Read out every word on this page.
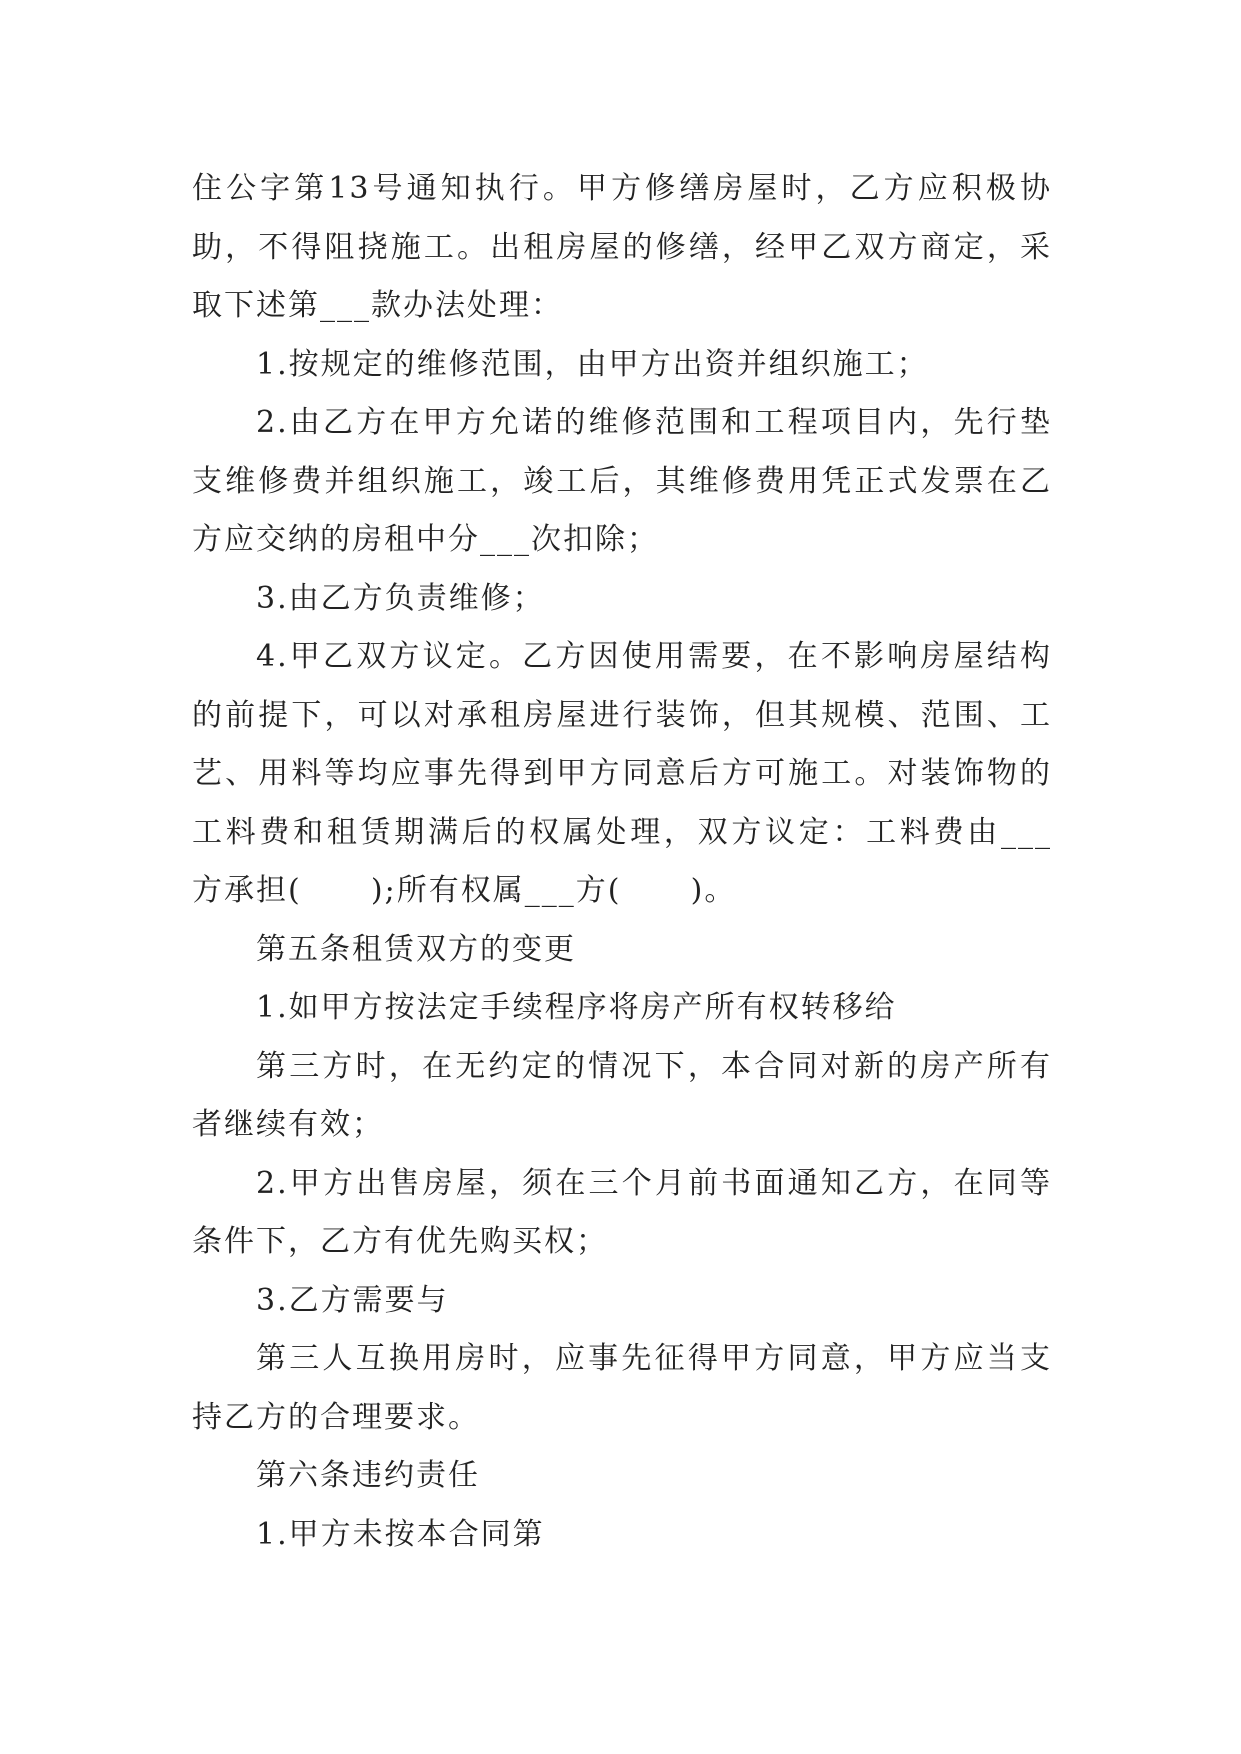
住公字第13号通知执行。甲方修缮房屋时，乙方应积极协
助，不得阻挠施工。出租房屋的修缮，经甲乙双方商定，采
取下述第___款办法处理：
1.按规定的维修范围，由甲方出资并组织施工；
2.由乙方在甲方允诺的维修范围和工程项目内，先行垫
支维修费并组织施工，竣工后，其维修费用凭正式发票在乙
方应交纳的房租中分___次扣除；
3.由乙方负责维修；
4.甲乙双方议定。乙方因使用需要，在不影响房屋结构
的前提下，可以对承租房屋进行装饰，但其规模、范围、工
艺、用料等均应事先得到甲方同意后方可施工。对装饰物的
工料费和租赁期满后的权属处理，双方议定：工料费由___
方承担(      );所有权属___方(      )。
第五条租赁双方的变更
1.如甲方按法定手续程序将房产所有权转移给
第三方时，在无约定的情况下，本合同对新的房产所有
者继续有效；
2.甲方出售房屋，须在三个月前书面通知乙方，在同等
条件下，乙方有优先购买权；
3.乙方需要与
第三人互换用房时，应事先征得甲方同意，甲方应当支
持乙方的合理要求。
第六条违约责任
1.甲方未按本合同第
